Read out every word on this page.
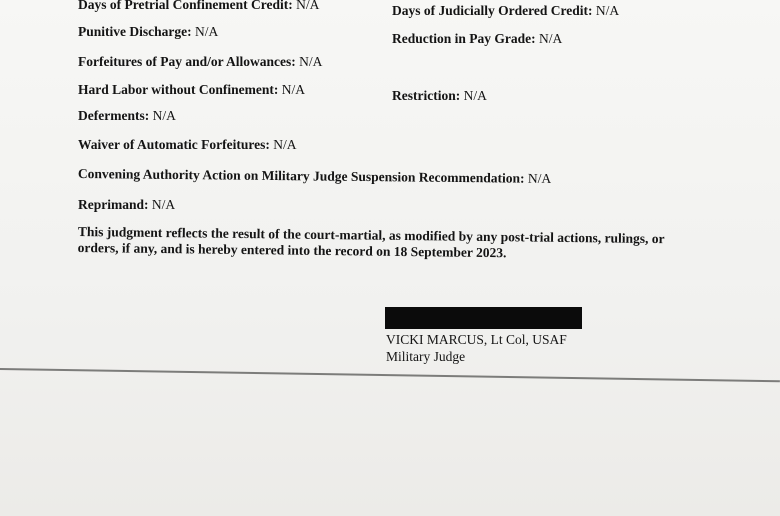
Days of Pretrial Confinement Credit: N/A	Days of Judicially Ordered Credit: N/A
Punitive Discharge: N/A	Reduction in Pay Grade: N/A
Forfeitures of Pay and/or Allowances: N/A
Hard Labor without Confinement: N/A	Restriction: N/A
Deferments: N/A
Waiver of Automatic Forfeitures: N/A
Convening Authority Action on Military Judge Suspension Recommendation: N/A
Reprimand: N/A
This judgment reflects the result of the court-martial, as modified by any post-trial actions, rulings, or orders, if any, and is hereby entered into the record on 18 September 2023.
VICKI MARCUS, Lt Col, USAF
Military Judge
